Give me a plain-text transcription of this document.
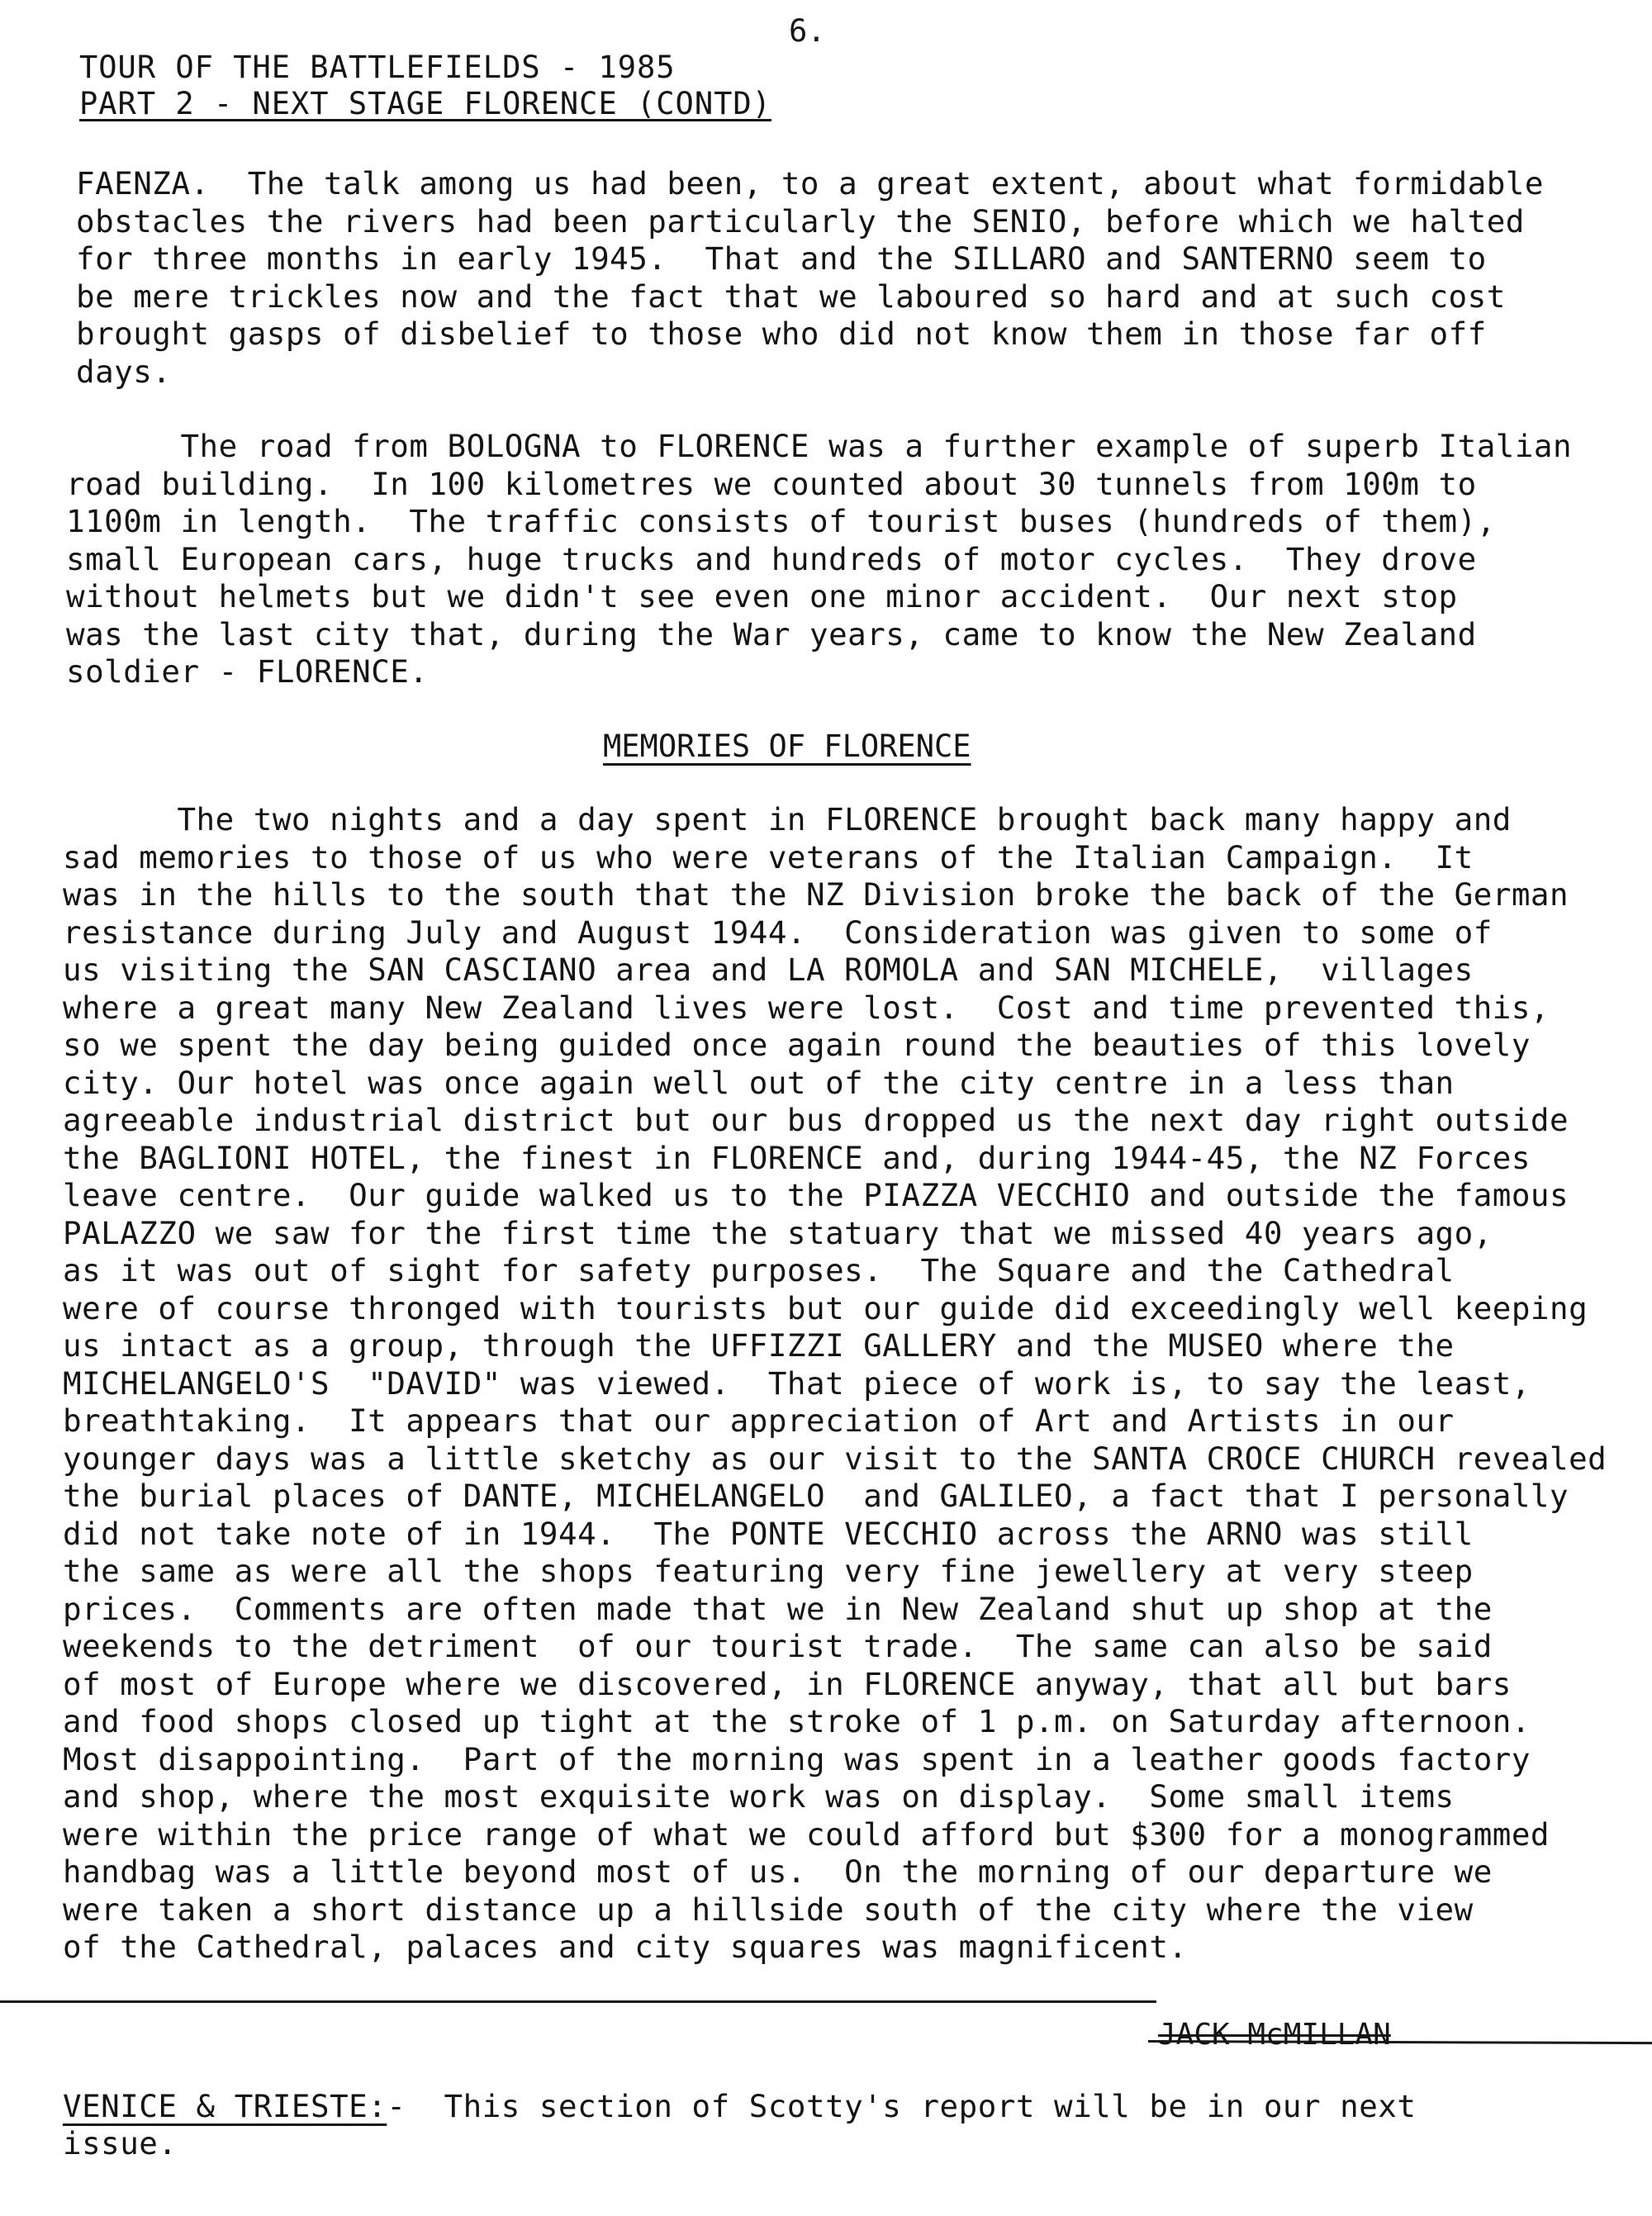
6.
TOUR OF THE BATTLEFIELDS - 1985
PART 2 - NEXT STAGE FLORENCE (CONTD)

FAENZA.  The talk among us had been, to a great extent, about what formidable
obstacles the rivers had been particularly the SENIO, before which we halted
for three months in early 1945.  That and the SILLARO and SANTERNO seem to
be mere trickles now and the fact that we laboured so hard and at such cost
brought gasps of disbelief to those who did not know them in those far off
days.

The road from BOLOGNA to FLORENCE was a further example of superb Italian
road building.  In 100 kilometres we counted about 30 tunnels from 100m to
1100m in length.  The traffic consists of tourist buses (hundreds of them),
small European cars, huge trucks and hundreds of motor cycles.  They drove
without helmets but we didn't see even one minor accident.  Our next stop
was the last city that, during the War years, came to know the New Zealand
soldier - FLORENCE.

MEMORIES OF FLORENCE

The two nights and a day spent in FLORENCE brought back many happy and
sad memories to those of us who were veterans of the Italian Campaign.  It
was in the hills to the south that the NZ Division broke the back of the German
resistance during July and August 1944.  Consideration was given to some of
us visiting the SAN CASCIANO area and LA ROMOLA and SAN MICHELE,  villages
where a great many New Zealand lives were lost.  Cost and time prevented this,
so we spent the day being guided once again round the beauties of this lovely
city. Our hotel was once again well out of the city centre in a less than
agreeable industrial district but our bus dropped us the next day right outside
the BAGLIONI HOTEL, the finest in FLORENCE and, during 1944-45, the NZ Forces
leave centre.  Our guide walked us to the PIAZZA VECCHIO and outside the famous
PALAZZO we saw for the first time the statuary that we missed 40 years ago,
as it was out of sight for safety purposes.  The Square and the Cathedral
were of course thronged with tourists but our guide did exceedingly well keeping
us intact as a group, through the UFFIZZI GALLERY and the MUSEO where the
MICHELANGELO'S  "DAVID" was viewed.  That piece of work is, to say the least,
breathtaking.  It appears that our appreciation of Art and Artists in our
younger days was a little sketchy as our visit to the SANTA CROCE CHURCH revealed
the burial places of DANTE, MICHELANGELO  and GALILEO, a fact that I personally
did not take note of in 1944.  The PONTE VECCHIO across the ARNO was still
the same as were all the shops featuring very fine jewellery at very steep
prices.  Comments are often made that we in New Zealand shut up shop at the
weekends to the detriment  of our tourist trade.  The same can also be said
of most of Europe where we discovered, in FLORENCE anyway, that all but bars
and food shops closed up tight at the stroke of 1 p.m. on Saturday afternoon.
Most disappointing.  Part of the morning was spent in a leather goods factory
and shop, where the most exquisite work was on display.  Some small items
were within the price range of what we could afford but $300 for a monogrammed
handbag was a little beyond most of us.  On the morning of our departure we
were taken a short distance up a hillside south of the city where the view
of the Cathedral, palaces and city squares was magnificent.

JACK McMILLAN
VENICE & TRIESTE:-  This section of Scotty's report will be in our next
issue.
